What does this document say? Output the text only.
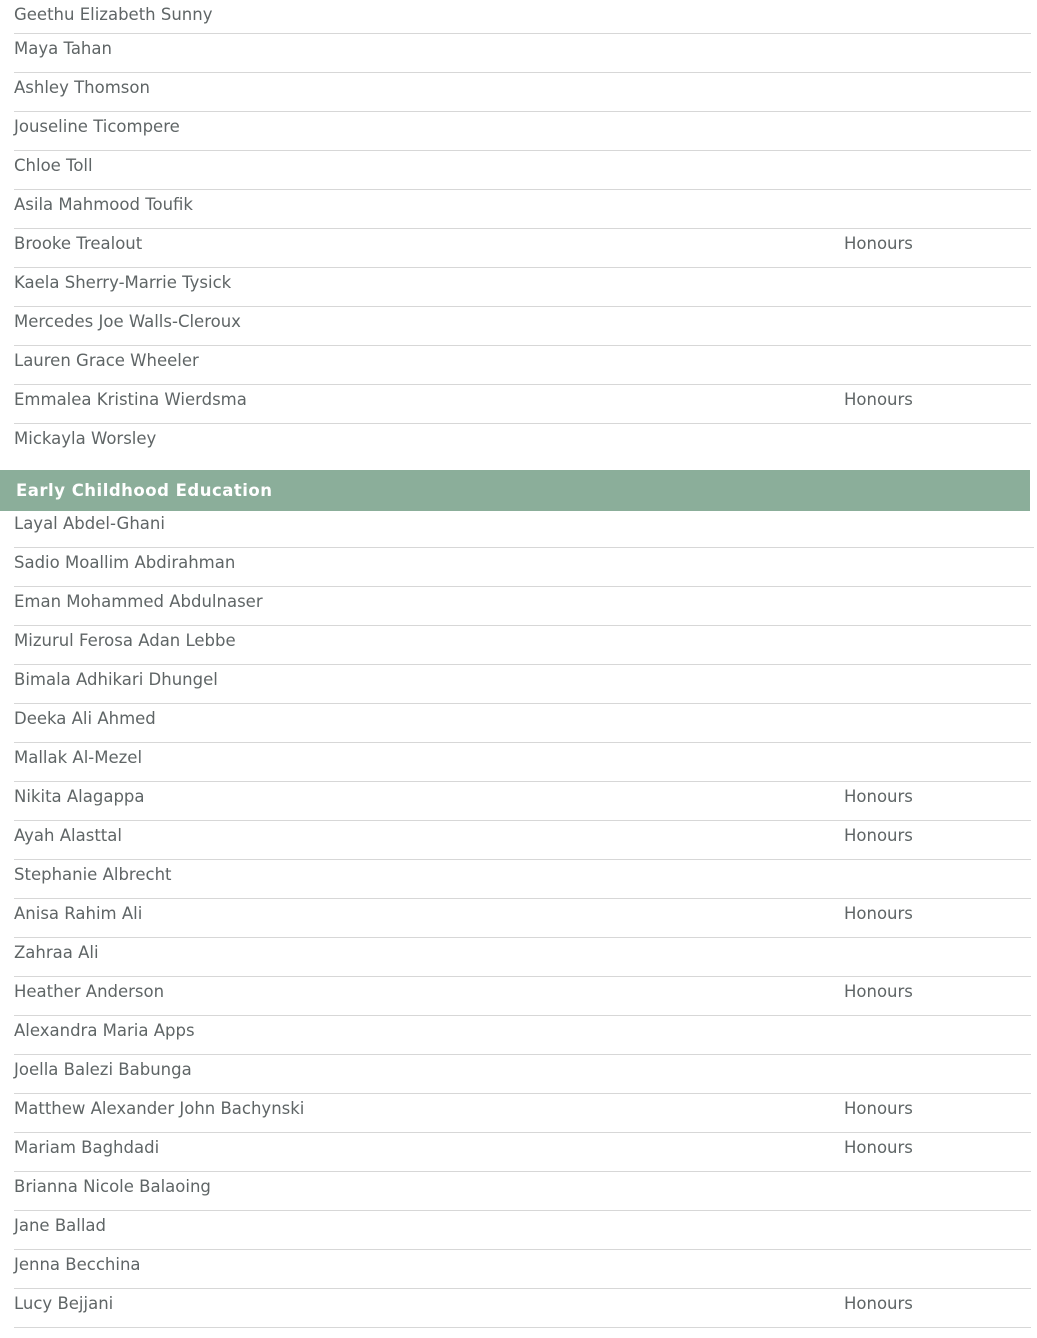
Geethu Elizabeth Sunny
Maya Tahan
Ashley Thomson
Jouseline Ticompere
Chloe Toll
Asila Mahmood Toufik
Brooke Trealout	Honours
Kaela Sherry-Marrie Tysick
Mercedes Joe Walls-Cleroux
Lauren Grace Wheeler
Emmalea Kristina Wierdsma	Honours
Mickayla Worsley
Early Childhood Education
Layal Abdel-Ghani
Sadio Moallim Abdirahman
Eman Mohammed Abdulnaser
Mizurul Ferosa Adan Lebbe
Bimala Adhikari Dhungel
Deeka Ali Ahmed
Mallak Al-Mezel
Nikita Alagappa	Honours
Ayah Alasttal	Honours
Stephanie Albrecht
Anisa Rahim Ali	Honours
Zahraa Ali
Heather Anderson	Honours
Alexandra Maria Apps
Joella Balezi Babunga
Matthew Alexander John Bachynski	Honours
Mariam Baghdadi	Honours
Brianna Nicole Balaoing
Jane Ballad
Jenna Becchina
Lucy Bejjani	Honours
